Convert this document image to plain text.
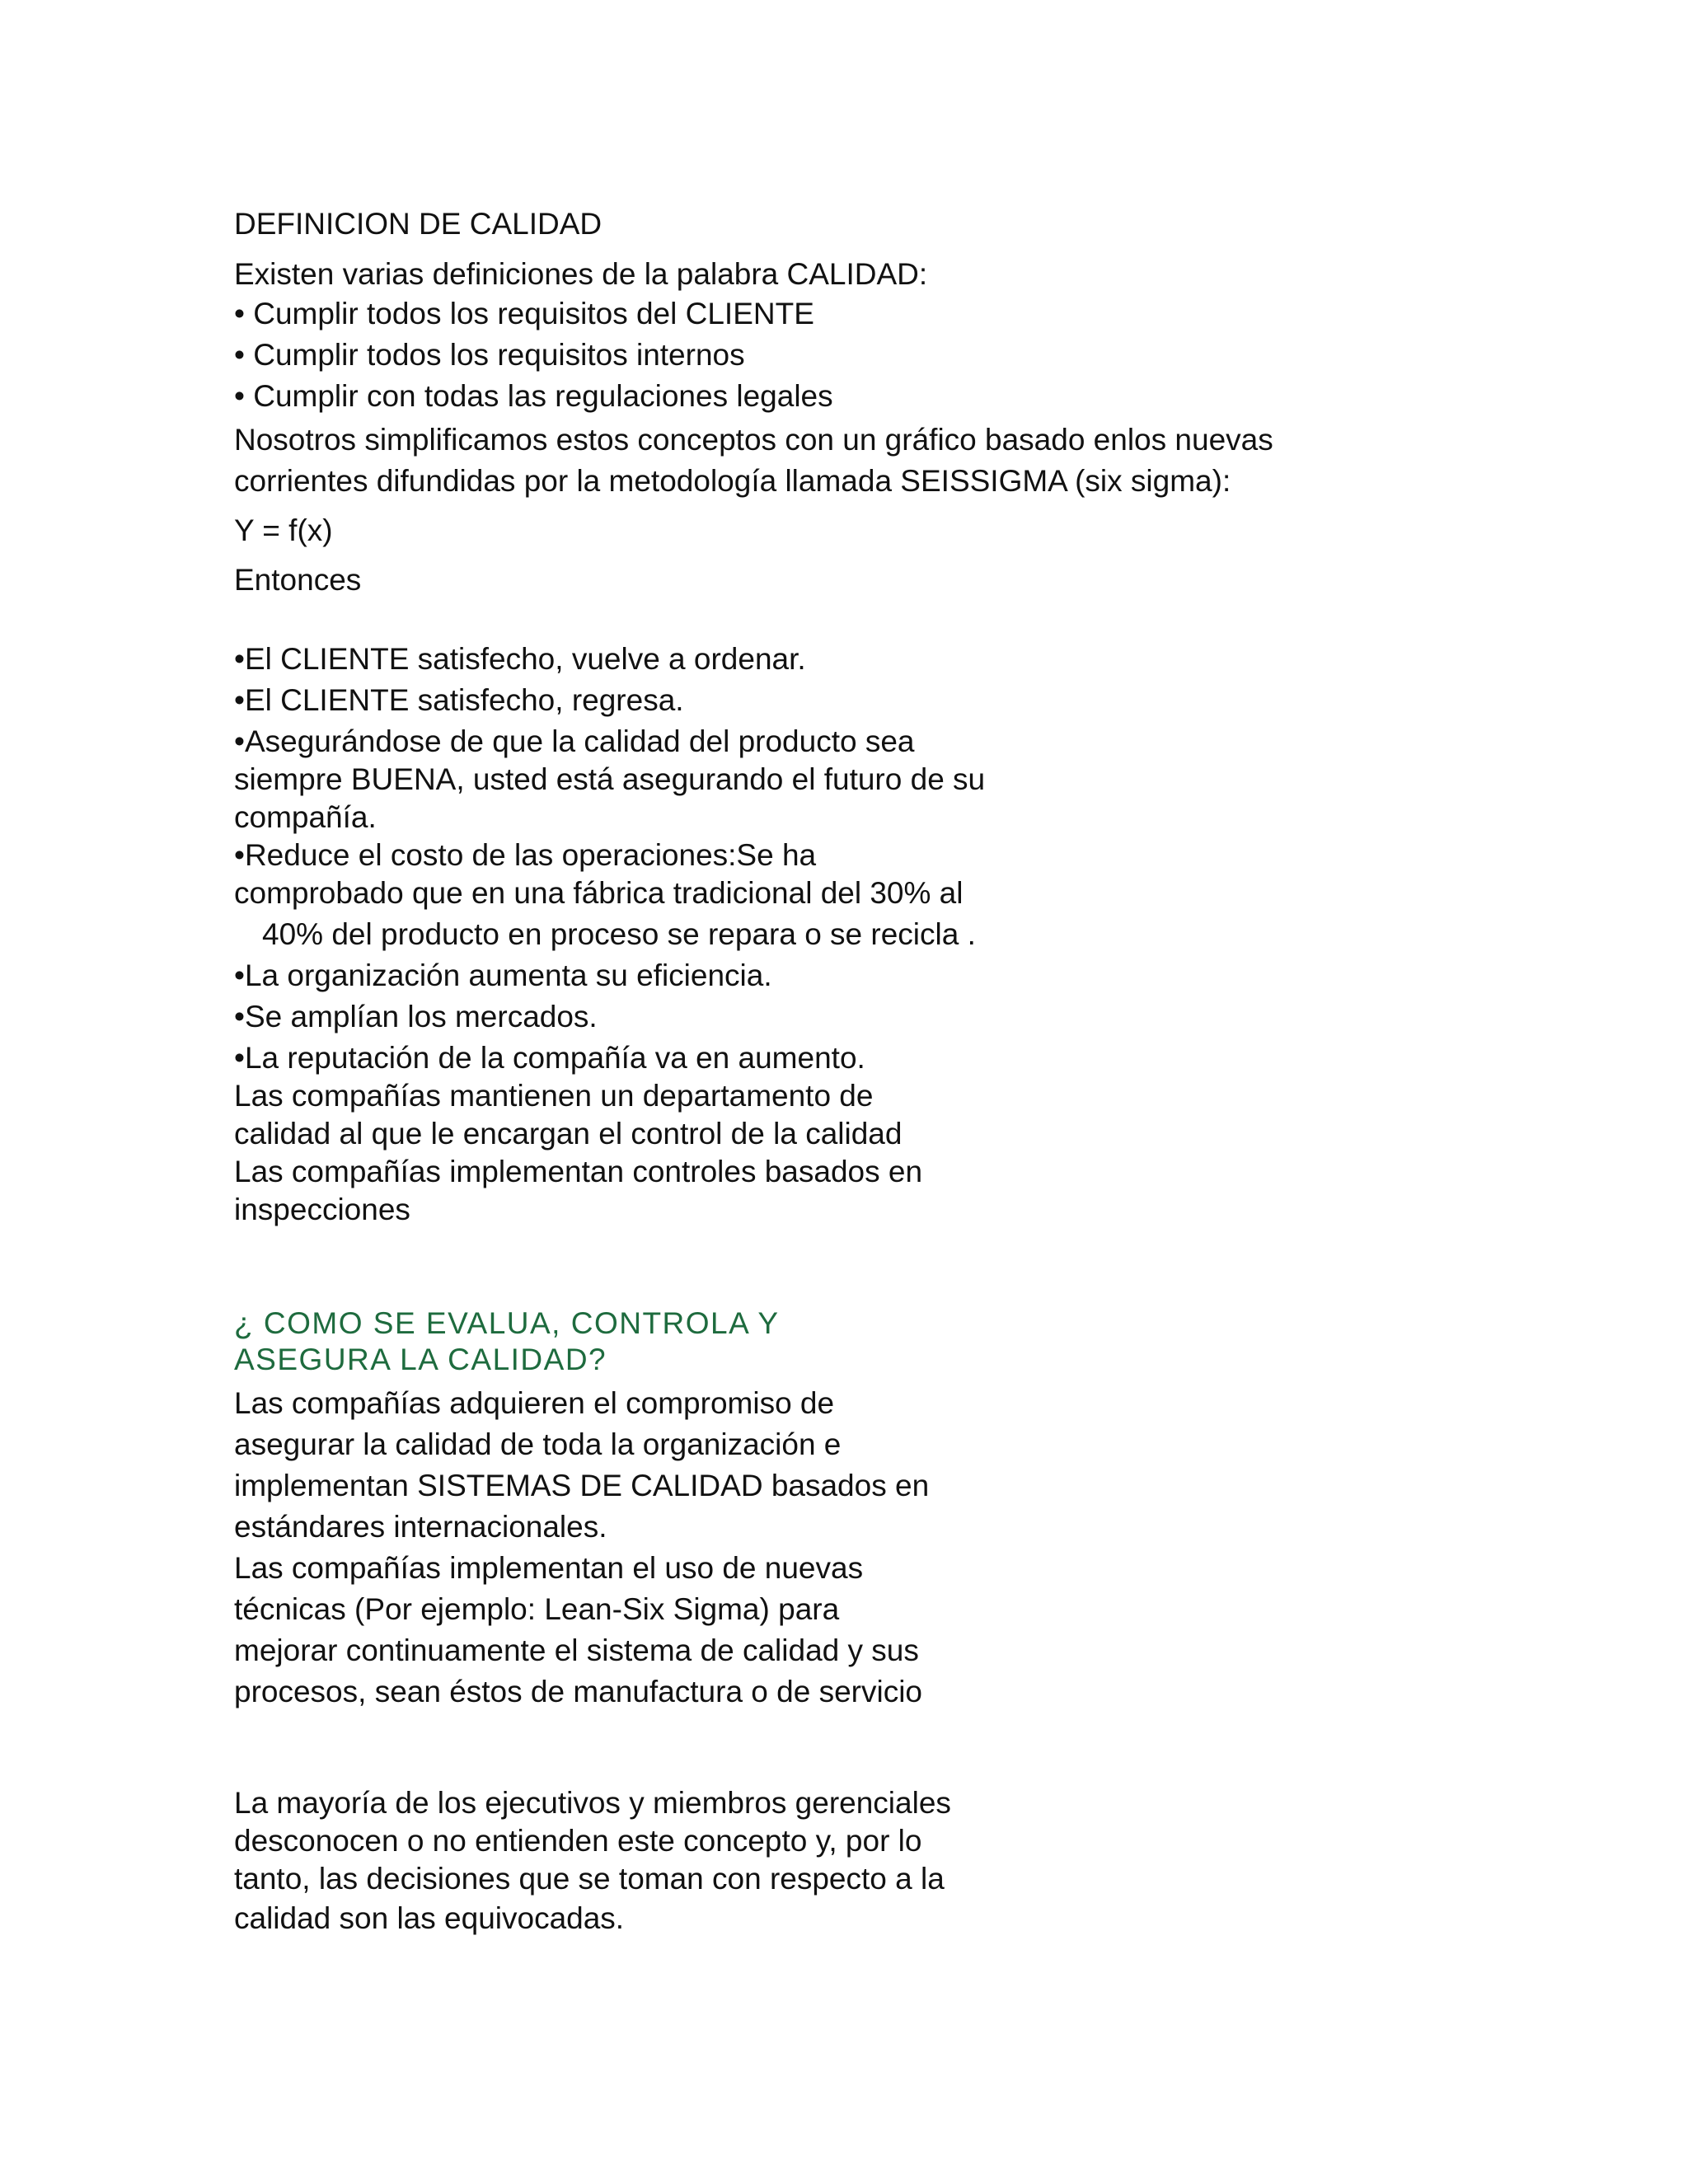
DEFINICION DE CALIDAD

Existen varias definiciones de la palabra CALIDAD:

• Cumplir todos los requisitos del CLIENTE

• Cumplir todos los requisitos internos

• Cumplir con todas las regulaciones legales

Nosotros simplificamos estos conceptos con un gráfico basado enlos nuevas

corrientes difundidas por la metodología llamada SEISSIGMA (six sigma):

Y = f(x)

Entonces

•El CLIENTE satisfecho, vuelve a ordenar.

•El CLIENTE satisfecho, regresa.

•Asegurándose de que la calidad del producto sea

siempre BUENA, usted está asegurando el futuro de su

compañía.

•Reduce el costo de las operaciones:Se ha

comprobado que en una fábrica tradicional del 30% al

40% del producto en proceso se repara o se recicla .

•La organización aumenta su eficiencia.

•Se amplían los mercados.

•La reputación de la compañía va en aumento.

Las compañías mantienen un departamento de

calidad al que le encargan el control de la calidad

Las compañías implementan controles basados en

inspecciones

¿ COMO SE EVALUA, CONTROLA Y

ASEGURA LA CALIDAD?

Las compañías adquieren el compromiso de

asegurar la calidad de toda la organización e

implementan SISTEMAS DE CALIDAD basados en

estándares internacionales.

Las compañías implementan el uso de nuevas

técnicas (Por ejemplo: Lean-Six Sigma) para

mejorar continuamente el sistema de calidad y sus

procesos, sean éstos de manufactura o de servicio

La mayoría de los ejecutivos y miembros gerenciales

desconocen o no entienden este concepto y, por lo

tanto, las decisiones que se toman con respecto a la

calidad son las equivocadas.
